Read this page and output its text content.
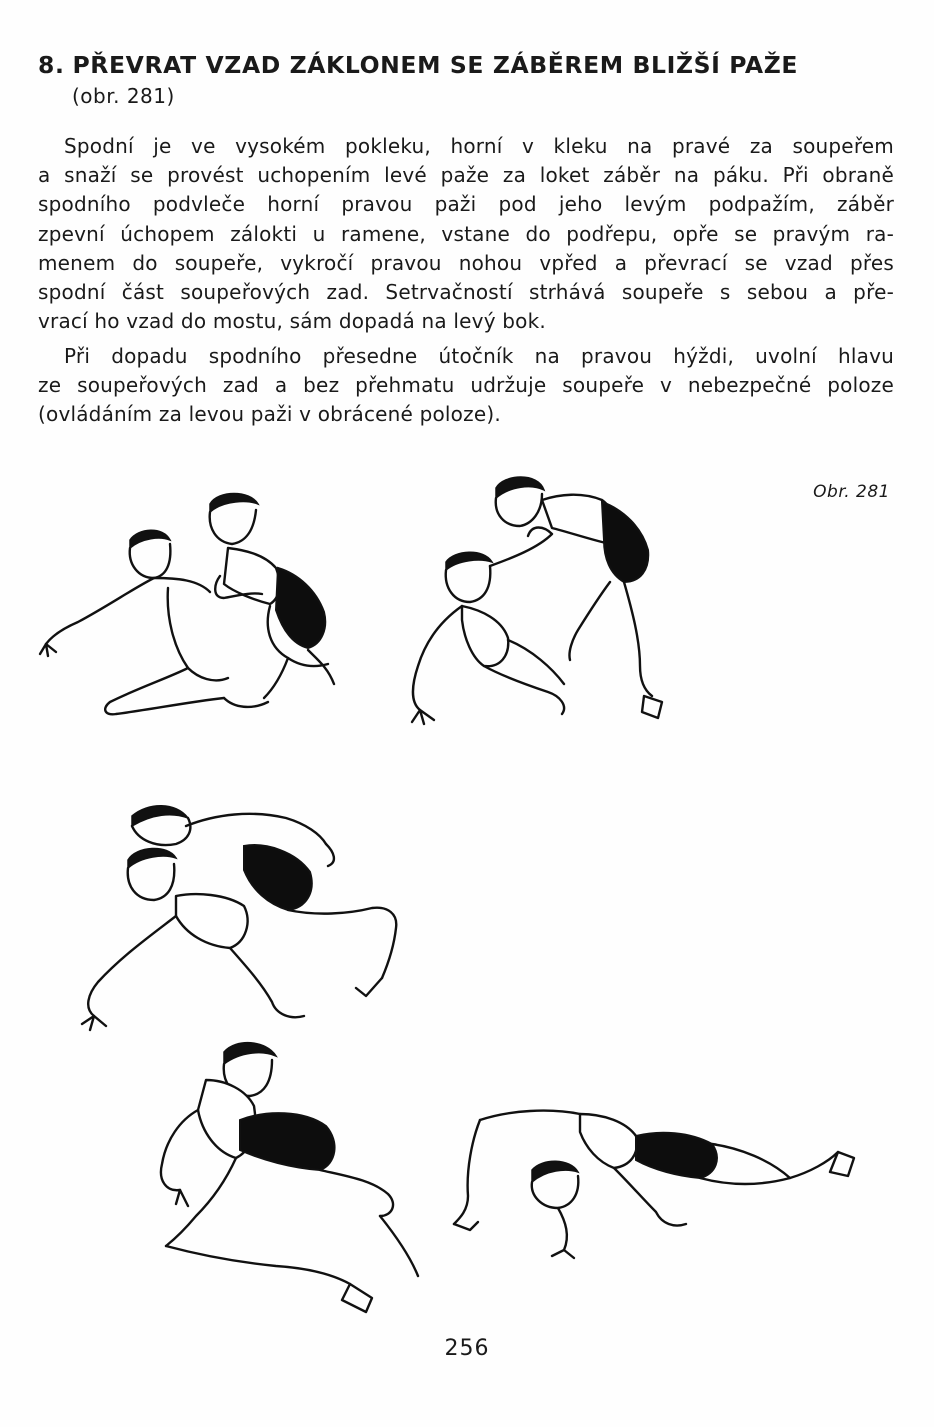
8. PŘEVRAT VZAD ZÁKLONEM SE ZÁBĚREM BLIŽŠÍ PAŽE
(obr. 281)
Spodní je ve vysokém pokleku, horní v kleku na pravé za soupeřem
a snaží se provést uchopením levé paže za loket záběr na páku. Při obraně
spodního podvleče horní pravou paži pod jeho levým podpažím, záběr
zpevní úchopem zálokti u ramene, vstane do podřepu, opře se pravým ra-
menem do soupeře, vykročí pravou nohou vpřed a převrací se vzad přes
spodní část soupeřových zad. Setrvačností strhává soupeře s sebou a pře-
vrací ho vzad do mostu, sám dopadá na levý bok.
Při dopadu spodního přesedne útočník na pravou hýždi, uvolní hlavu
ze soupeřových zad a bez přehmatu udržuje soupeře v nebezpečné poloze
(ovládáním za levou paži v obrácené poloze).
Obr. 281
256
